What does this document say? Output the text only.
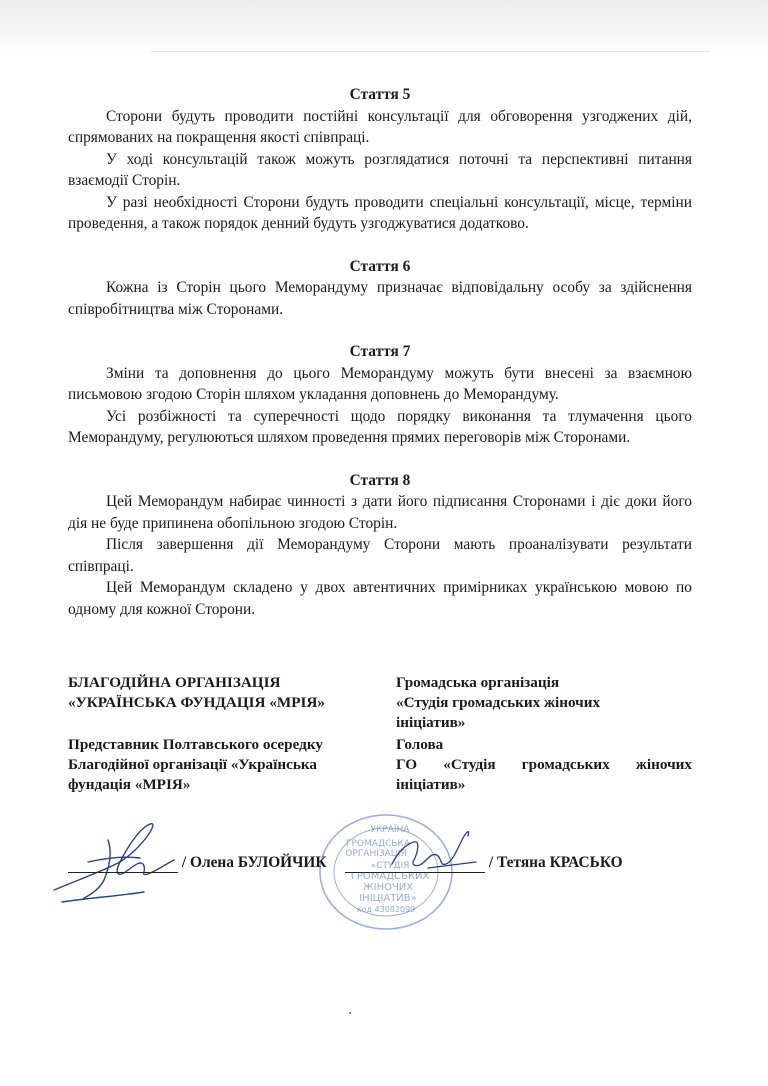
Стаття 5

Сторони будуть проводити постійні консультації для обговорення узгоджених дій, спрямованих на покращення якості співпраці.

У ході консультацій також можуть розглядатися поточні та перспективні питання взаємодії Сторін.

У разі необхідності Сторони будуть проводити спеціальні консультації, місце, терміни проведення, а також порядок денний будуть узгоджуватися додатково.

Стаття 6

Кожна із Сторін цього Меморандуму призначає відповідальну особу за здійснення співробітництва між Сторонами.

Стаття 7

Зміни та доповнення до цього Меморандуму можуть бути внесені за взаємною письмовою згодою Сторін шляхом укладання доповнень до Меморандуму.

Усі розбіжності та суперечності щодо порядку виконання та тлумачення цього Меморандуму, регулюються шляхом проведення прямих переговорів між Сторонами.

Стаття 8

Цей Меморандум набирає чинності з дати його підписання Сторонами і діє доки його дія не буде припинена обопільною згодою Сторін.

Після завершення дії Меморандуму Сторони мають проаналізувати результати співпраці.

Цей Меморандум складено у двох автентичних примірниках українською мовою по одному для кожної Сторони.

БЛАГОДІЙНА ОРГАНІЗАЦІЯ
«УКРАЇНСЬКА ФУНДАЦІЯ «МРІЯ»
Представник Полтавського осередку
Благодійної організації «Українська
фундація «МРІЯ»
Громадська організація
«Студія громадських жіночих
ініціатив»
Голова
ГО «Студія громадських жіночих
ініціатив»
УКРАЇНА
ГРОМАДСЬКА
ОРГАНІЗАЦІЯ
«СТУДІЯ
ГРОМАДСЬКИХ
ЖІНОЧИХ
ІНІЦІАТИВ»
код 43082099
/ Олена БУЛОЙЧИК	/ Тетяна КРАСЬКО
